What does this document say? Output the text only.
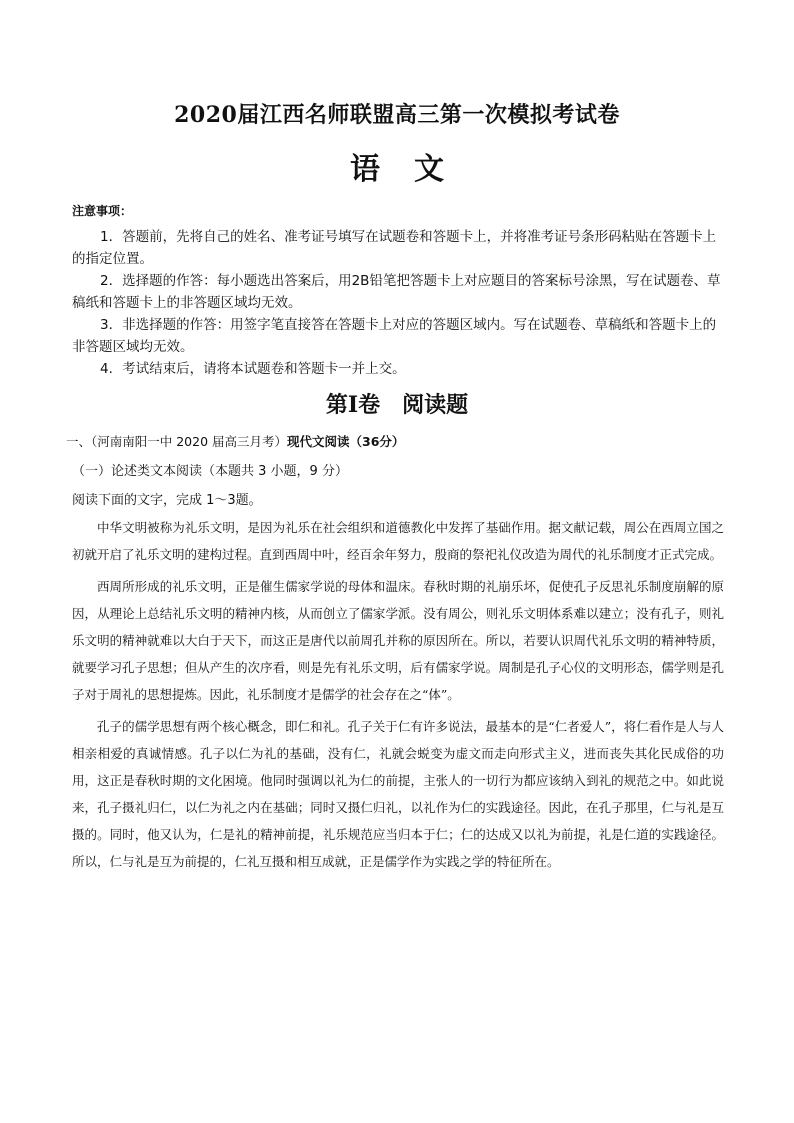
2020届江西名师联盟高三第一次模拟考试卷
语文
注意事项：

1．答题前，先将自己的姓名、准考证号填写在试题卷和答题卡上，并将准考证号条形码粘贴在答题卡上的指定位置。

2．选择题的作答：每小题选出答案后，用2B铅笔把答题卡上对应题目的答案标号涂黑，写在试题卷、草稿纸和答题卡上的非答题区域均无效。

3．非选择题的作答：用签字笔直接答在答题卡上对应的答题区域内。写在试题卷、草稿纸和答题卡上的非答题区域均无效。

4．考试结束后，请将本试题卷和答题卡一并上交。

第Ⅰ卷　阅读题
一、（河南南阳一中 2020 届高三月考）现代文阅读（36分）
（一）论述类文本阅读（本题共 3 小题，9 分）
阅读下面的文字，完成 1～3题。

中华文明被称为礼乐文明，是因为礼乐在社会组织和道德教化中发挥了基础作用。据文献记载，周公在西周立国之初就开启了礼乐文明的建构过程。直到西周中叶，经百余年努力，殷商的祭祀礼仪改造为周代的礼乐制度才正式完成。

西周所形成的礼乐文明，正是催生儒家学说的母体和温床。春秋时期的礼崩乐坏，促使孔子反思礼乐制度崩解的原因，从理论上总结礼乐文明的精神内核，从而创立了儒家学派。没有周公，则礼乐文明体系难以建立；没有孔子，则礼乐文明的精神就难以大白于天下，而这正是唐代以前周孔并称的原因所在。所以，若要认识周代礼乐文明的精神特质，就要学习孔子思想；但从产生的次序看，则是先有礼乐文明，后有儒家学说。周制是孔子心仪的文明形态，儒学则是孔子对于周礼的思想提炼。因此，礼乐制度才是儒学的社会存在之“体”。

孔子的儒学思想有两个核心概念，即仁和礼。孔子关于仁有许多说法，最基本的是“仁者爱人”，将仁看作是人与人相亲相爱的真诚情感。孔子以仁为礼的基础，没有仁，礼就会蜕变为虚文而走向形式主义，进而丧失其化民成俗的功用，这正是春秋时期的文化困境。他同时强调以礼为仁的前提，主张人的一切行为都应该纳入到礼的规范之中。如此说来，孔子摄礼归仁，以仁为礼之内在基础；同时又摄仁归礼，以礼作为仁的实践途径。因此，在孔子那里，仁与礼是互摄的。同时，他又认为，仁是礼的精神前提，礼乐规范应当归本于仁；仁的达成又以礼为前提，礼是仁道的实践途径。所以，仁与礼是互为前提的，仁礼互摄和相互成就，正是儒学作为实践之学的特征所在。
